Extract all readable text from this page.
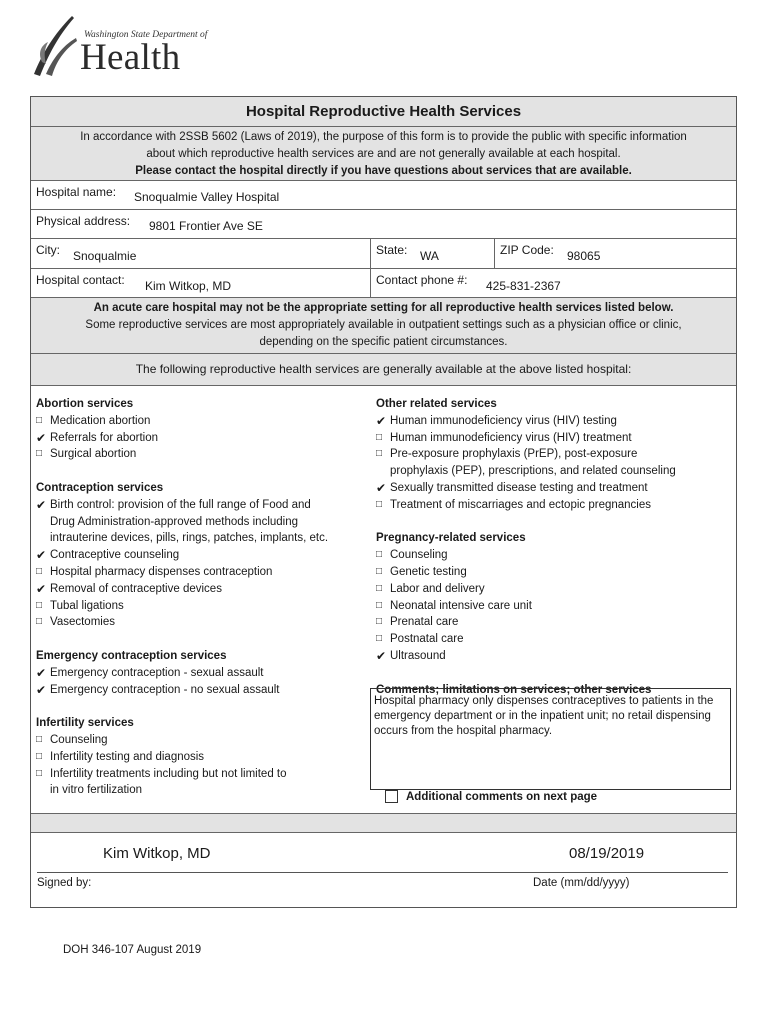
Washington State Department of
Health
Hospital Reproductive Health Services
In accordance with 2SSB 5602 (Laws of 2019), the purpose of this form is to provide the public with specific information
about which reproductive health services are and are not generally available at each hospital.
Please contact the hospital directly if you have questions about services that are available.
Hospital name: Snoqualmie Valley Hospital
Physical address: 9801 Frontier Ave SE
City: Snoqualmie	State: WA	ZIP Code: 98065
Hospital contact: Kim Witkop, MD	Contact phone #: 425-831-2367
An acute care hospital may not be the appropriate setting for all reproductive health services listed below.
Some reproductive services are most appropriately available in outpatient settings such as a physician office or clinic,
depending on the specific patient circumstances.
The following reproductive health services are generally available at the above listed hospital:
Abortion services
□ Medication abortion
✔ Referrals for abortion
□ Surgical abortion
Contraception services
✔ Birth control: provision of the full range of Food and
Drug Administration-approved methods including
intrauterine devices, pills, rings, patches, implants, etc.
✔ Contraceptive counseling
□ Hospital pharmacy dispenses contraception
✔ Removal of contraceptive devices
□ Tubal ligations
□ Vasectomies
Emergency contraception services
✔ Emergency contraception - sexual assault
✔ Emergency contraception - no sexual assault
Infertility services
□ Counseling
□ Infertility testing and diagnosis
□ Infertility treatments including but not limited to
in vitro fertilization
Other related services
✔ Human immunodeficiency virus (HIV) testing
□ Human immunodeficiency virus (HIV) treatment
□ Pre-exposure prophylaxis (PrEP), post-exposure
prophylaxis (PEP), prescriptions, and related counseling
✔ Sexually transmitted disease testing and treatment
□ Treatment of miscarriages and ectopic pregnancies
Pregnancy-related services
□ Counseling
□ Genetic testing
□ Labor and delivery
□ Neonatal intensive care unit
□ Prenatal care
□ Postnatal care
✔ Ultrasound
Comments; limitations on services; other services
Hospital pharmacy only dispenses contraceptives to patients in the emergency department or in the inpatient unit; no retail dispensing occurs from the hospital pharmacy.
Additional comments on next page
Kim Witkop, MD	08/19/2019
Signed by:	Date (mm/dd/yyyy)
DOH 346-107 August 2019
